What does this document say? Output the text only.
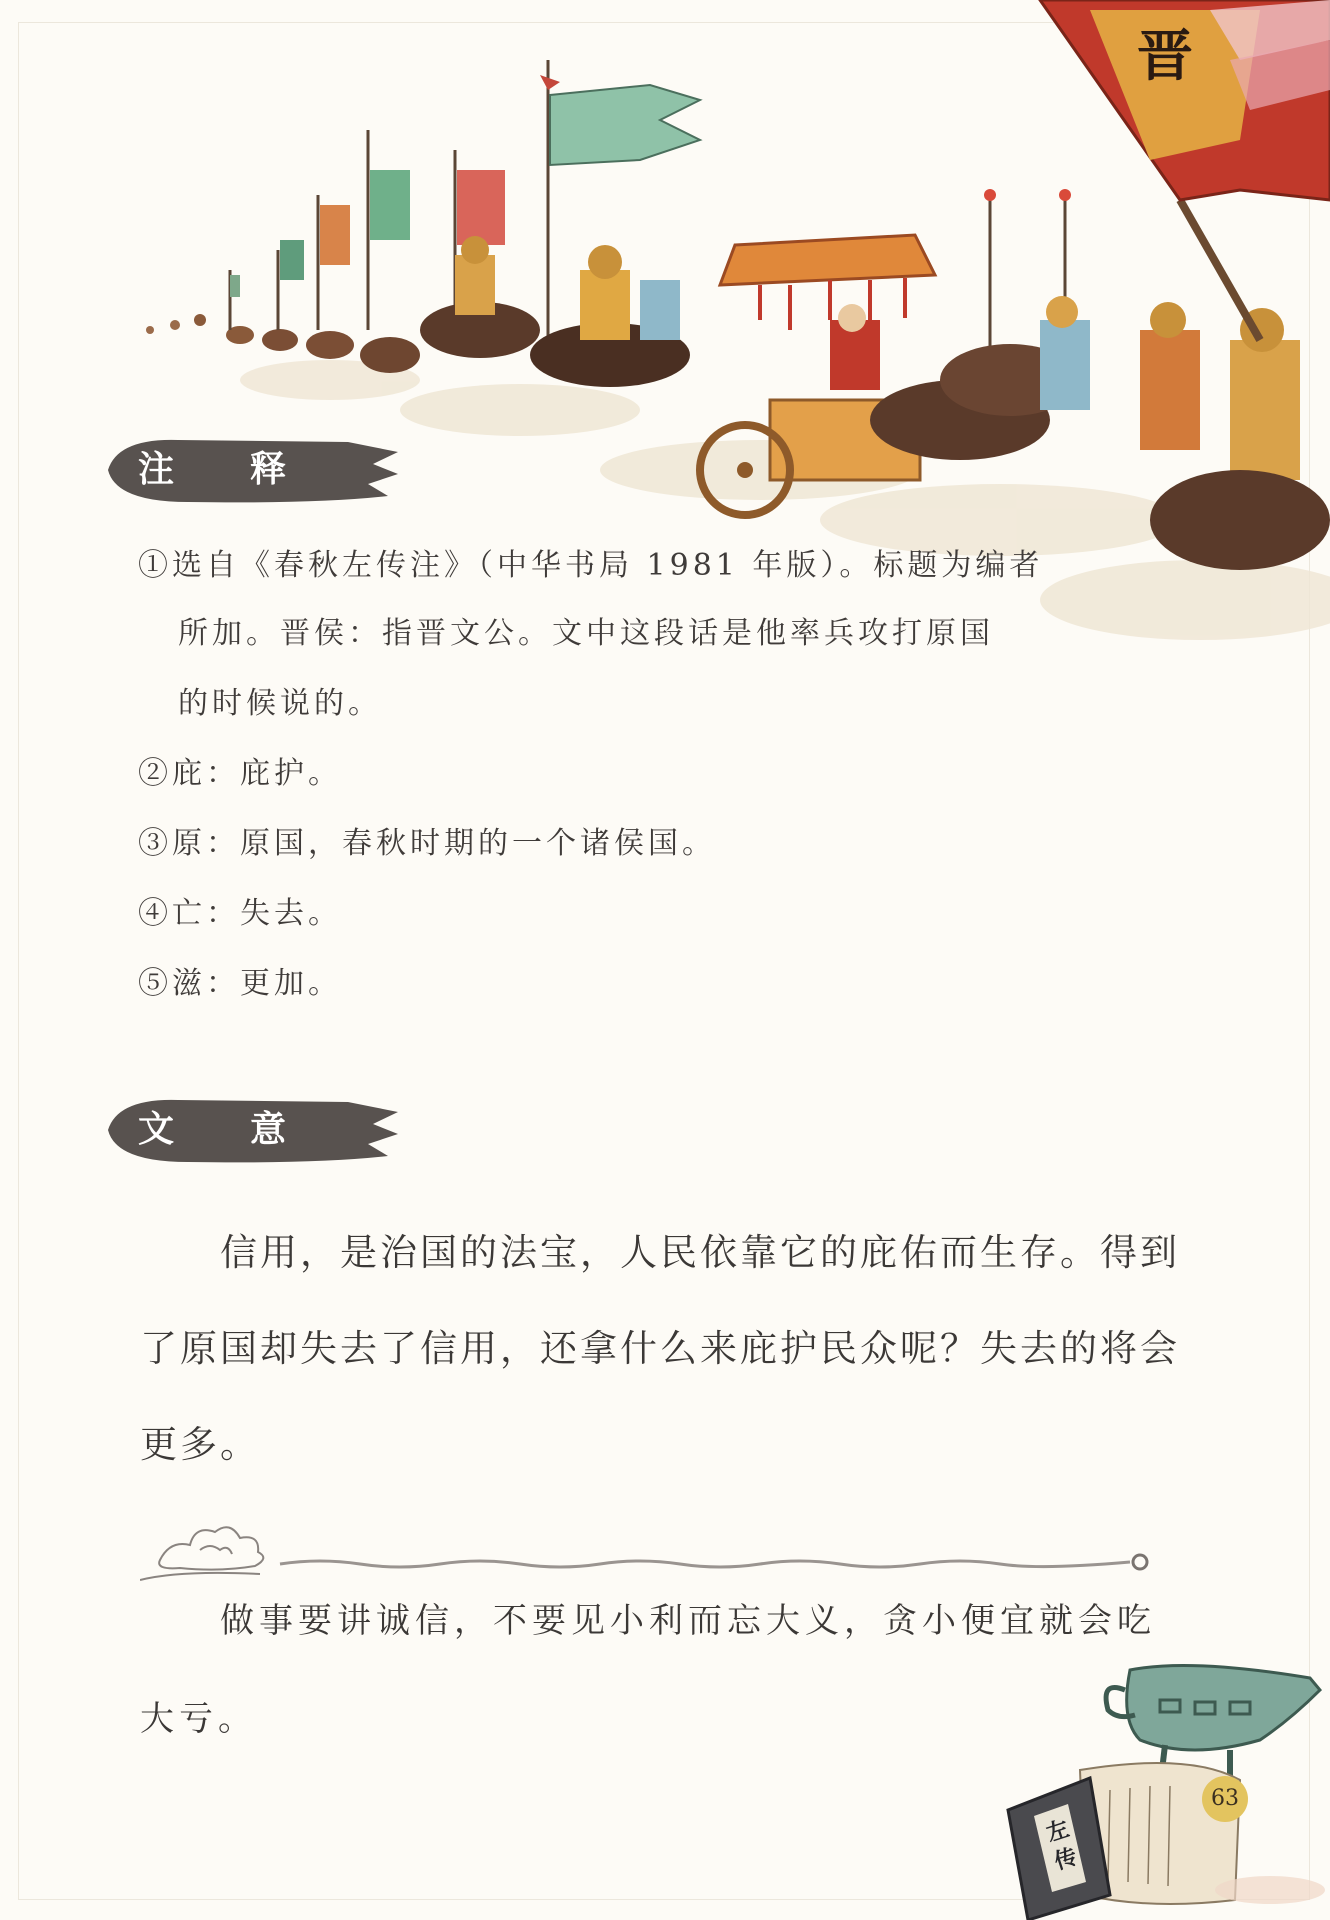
晋
注 释
①选自《春秋左传注》（中华书局 1981 年版）。标题为编者
所加。晋侯：指晋文公。文中这段话是他率兵攻打原国
的时候说的。
②庇：庇护。
③原：原国，春秋时期的一个诸侯国。
④亡：失去。
⑤滋：更加。
文 意
信用，是治国的法宝，人民依靠它的庇佑而生存。得到
了原国却失去了信用，还拿什么来庇护民众呢？失去的将会
更多。
做事要讲诚信，不要见小利而忘大义，贪小便宜就会吃
大亏。
左
传
63
